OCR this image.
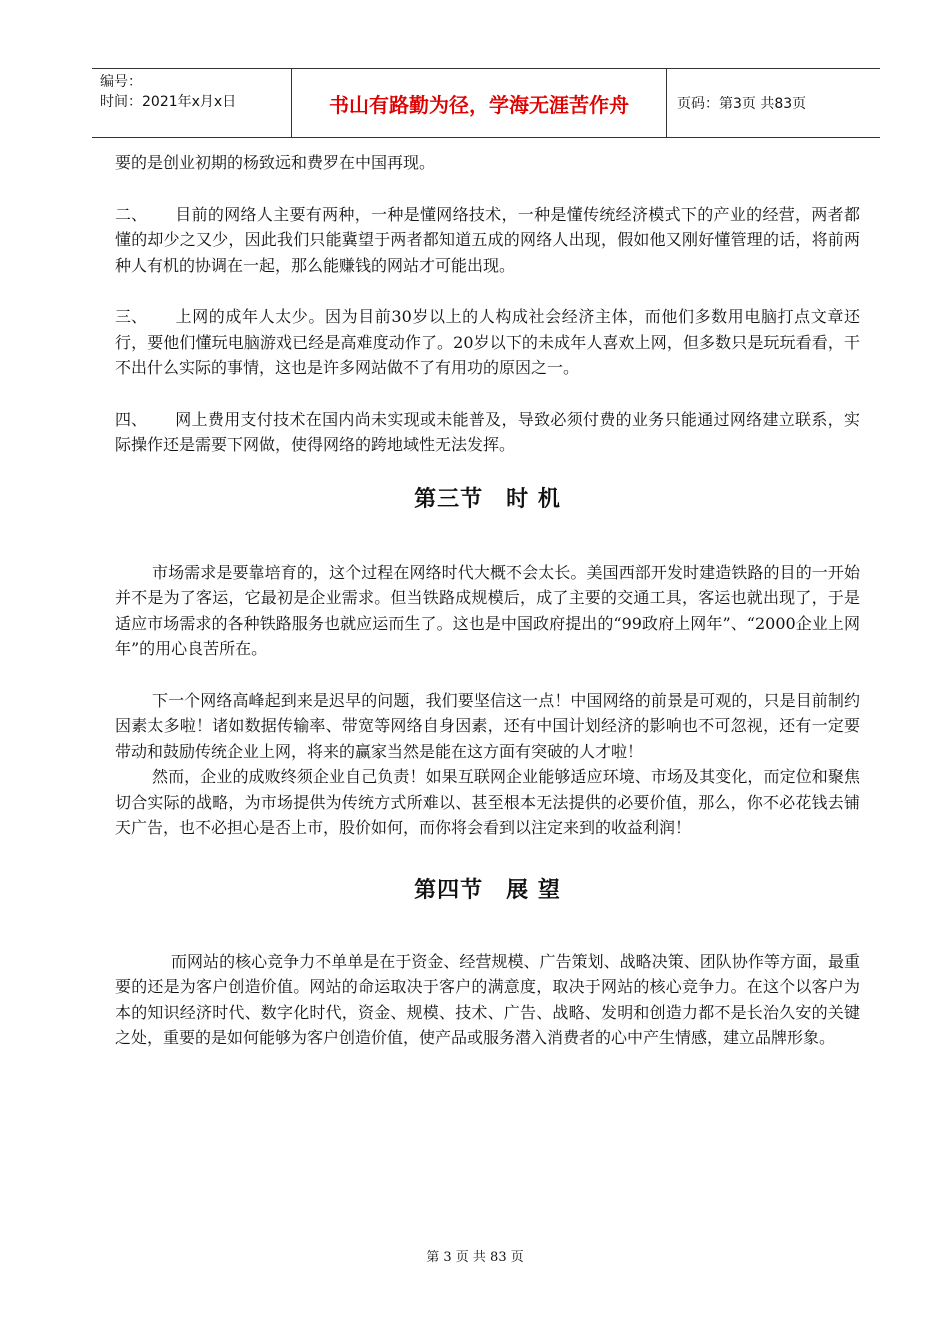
编号：
时间：2021年x月x日	书山有路勤为径，学海无涯苦作舟	页码：第3页 共83页

要的是创业初期的杨致远和费罗在中国再现。

二、 目前的网络人主要有两种，一种是懂网络技术，一种是懂传统经济模式下的产业的经营，两者都懂的却少之又少，因此我们只能冀望于两者都知道五成的网络人出现，假如他又刚好懂管理的话，将前两种人有机的协调在一起，那么能赚钱的网站才可能出现。

三、 上网的成年人太少。因为目前30岁以上的人构成社会经济主体，而他们多数用电脑打点文章还行，要他们懂玩电脑游戏已经是高难度动作了。20岁以下的未成年人喜欢上网，但多数只是玩玩看看，干不出什么实际的事情，这也是许多网站做不了有用功的原因之一。

四、 网上费用支付技术在国内尚未实现或未能普及，导致必须付费的业务只能通过网络建立联系，实际操作还是需要下网做，使得网络的跨地域性无法发挥。

第三节　时 机

市场需求是要靠培育的，这个过程在网络时代大概不会太长。美国西部开发时建造铁路的目的一开始并不是为了客运，它最初是企业需求。但当铁路成规模后，成了主要的交通工具，客运也就出现了，于是适应市场需求的各种铁路服务也就应运而生了。这也是中国政府提出的“99政府上网年”、“2000企业上网年”的用心良苦所在。

下一个网络高峰起到来是迟早的问题，我们要坚信这一点！中国网络的前景是可观的，只是目前制约因素太多啦！诸如数据传输率、带宽等网络自身因素，还有中国计划经济的影响也不可忽视，还有一定要带动和鼓励传统企业上网，将来的赢家当然是能在这方面有突破的人才啦！

然而，企业的成败终须企业自己负责！如果互联网企业能够适应环境、市场及其变化，而定位和聚焦切合实际的战略，为市场提供为传统方式所难以、甚至根本无法提供的必要价值，那么，你不必花钱去铺天广告，也不必担心是否上市，股价如何，而你将会看到以注定来到的收益利润！

第四节　展 望

而网站的核心竞争力不单单是在于资金、经营规模、广告策划、战略决策、团队协作等方面，最重要的还是为客户创造价值。网站的命运取决于客户的满意度，取决于网站的核心竞争力。在这个以客户为本的知识经济时代、数字化时代，资金、规模、技术、广告、战略、发明和创造力都不是长治久安的关键之处，重要的是如何能够为客户创造价值，使产品或服务潜入消费者的心中产生情感，建立品牌形象。

第 3 页 共 83 页
